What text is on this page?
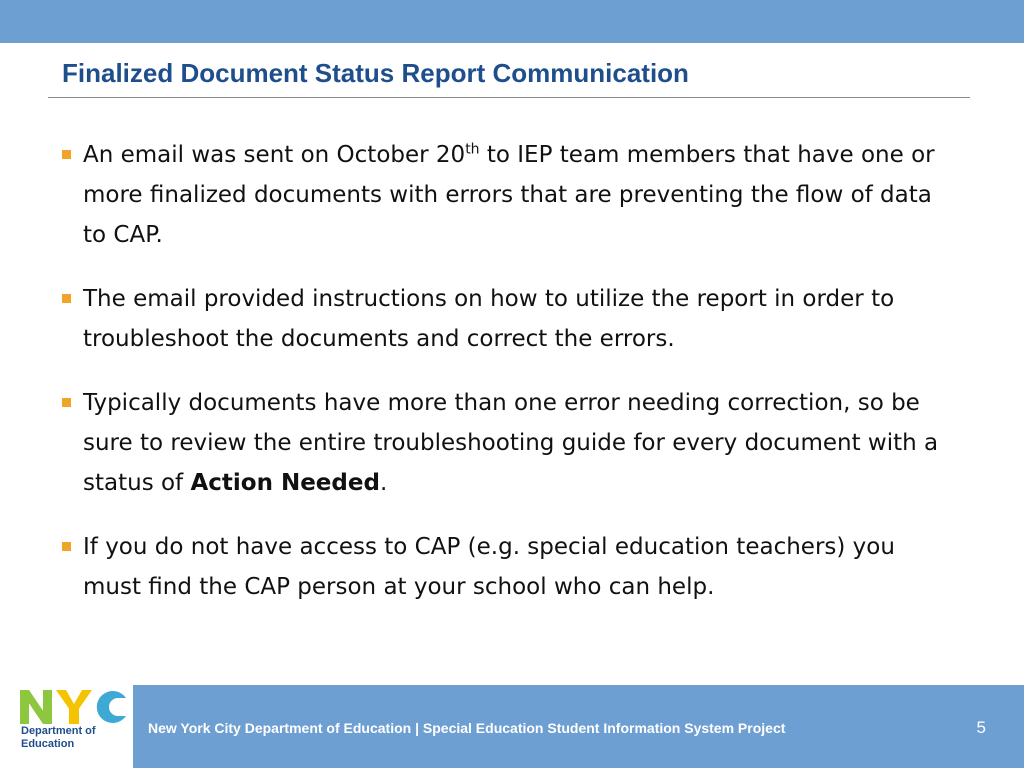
Finalized Document Status Report Communication
An email was sent on October 20th to IEP team members that have one or more finalized documents with errors that are preventing the flow of data to CAP.
The email provided instructions on how to utilize the report in order to troubleshoot the documents and correct the errors.
Typically documents have more than one error needing correction, so be sure to review the entire troubleshooting guide for every document with a status of Action Needed.
If you do not have access to CAP (e.g. special education teachers) you must find the CAP person at your school who can help.
Department of
Education
New York City Department of Education | Special Education Student Information System Project	5
